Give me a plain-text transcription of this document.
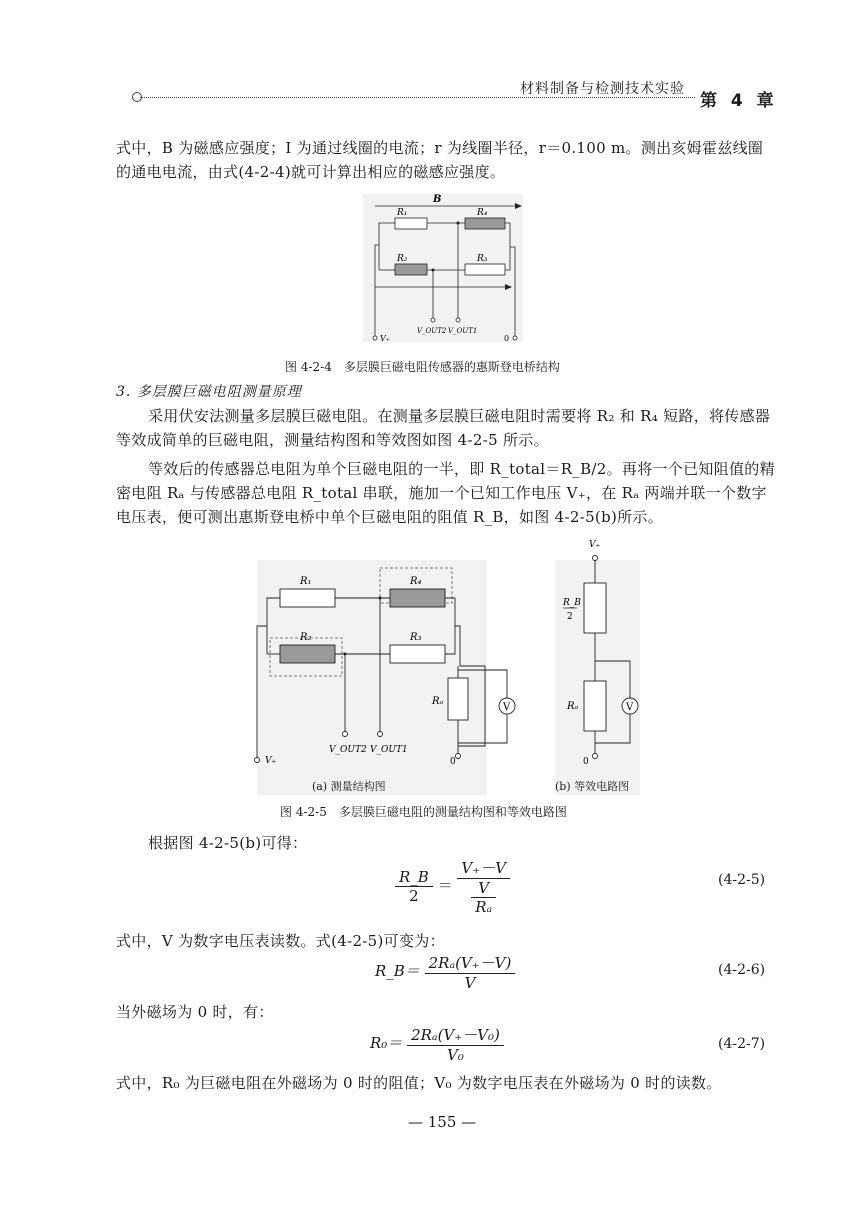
材料制备与检测技术实验
第 4 章
式中，B 为磁感应强度；I 为通过线圈的电流；r 为线圈半径，r＝0.100 m。测出亥姆霍兹线圈的通电电流，由式(4-2-4)就可计算出相应的磁感应强度。
B
R₁	R₄
R₂	R₃
V₊
V_OUT2 V_OUT1
0
图 4-2-4　多层膜巨磁电阻传感器的惠斯登电桥结构
3. 多层膜巨磁电阻测量原理
采用伏安法测量多层膜巨磁电阻。在测量多层膜巨磁电阻时需要将 R₂ 和 R₄ 短路，将传感器等效成简单的巨磁电阻，测量结构图和等效图如图 4-2-5 所示。
等效后的传感器总电阻为单个巨磁电阻的一半，即 R_total＝R_B/2。再将一个已知阻值的精密电阻 Rₐ 与传感器总电阻 R_total 串联，施加一个已知工作电压 V₊，在 Rₐ 两端并联一个数字电压表，便可测出惠斯登电桥中单个巨磁电阻的阻值 R_B，如图 4-2-5(b)所示。
V
R₁	R₄
R₂	R₃
Rₐ
V₊
V_OUT2 V_OUT1
0
V₊
R_B
2
Rₐ	V
0
(a) 测量结构图	(b) 等效电路图
图 4-2-5　多层膜巨磁电阻的测量结构图和等效电路图
根据图 4-2-5(b)可得：
$\frac{R\_B}{2} = \frac{V_+-V}{\frac{V}{\text{Rₐ}}}$	(4-2-5)
式中，V 为数字电压表读数。式(4-2-5)可变为：
R_B＝ $\frac{\text{2Rₐ(V₊－V)}}{V}$	(4-2-6)
当外磁场为 0 时，有：
$R_0= \frac{\text{2Rₐ(V₊－V₀)}}{\text{V₀}}$	(4-2-7)
式中，R₀ 为巨磁电阻在外磁场为 0 时的阻值；V₀ 为数字电压表在外磁场为 0 时的读数。
— 155 —
